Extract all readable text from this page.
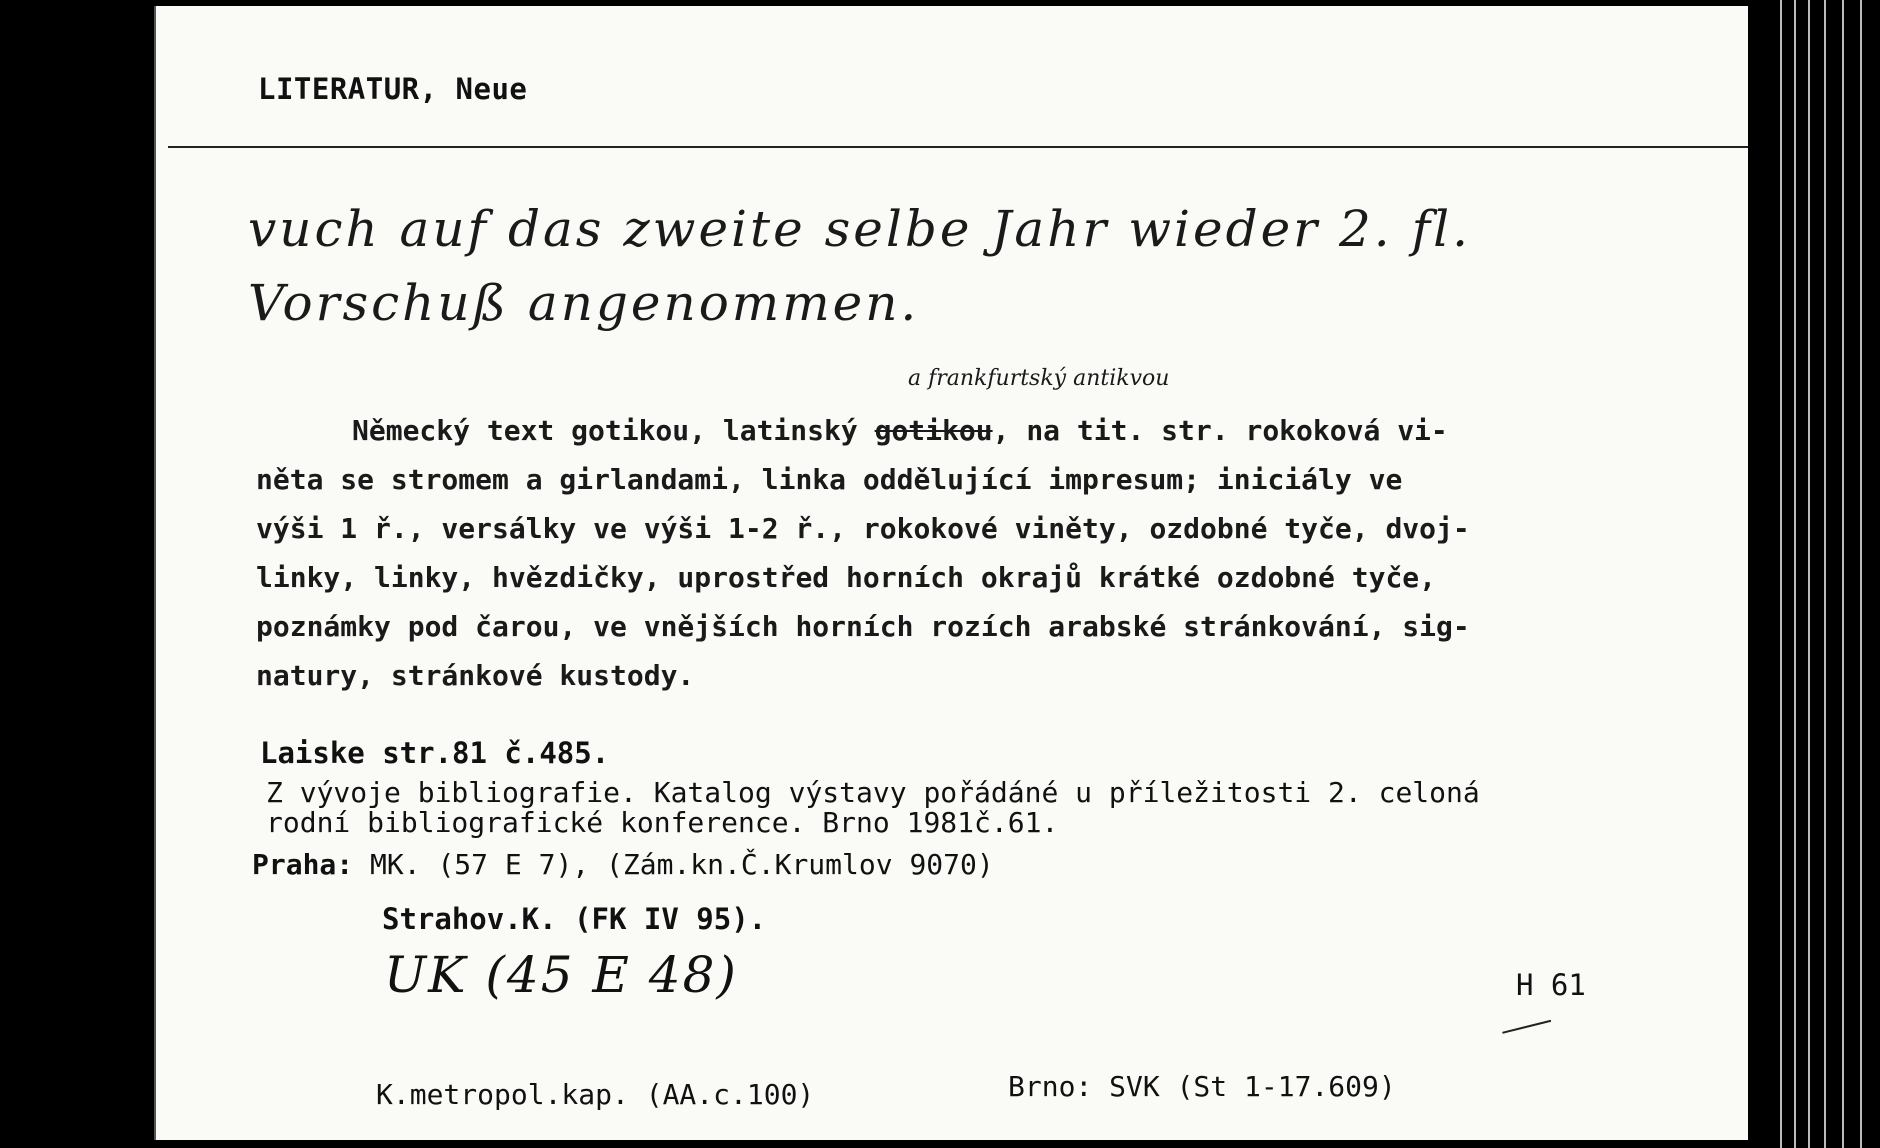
LITERATUR, Neue
vuch auf das zweite selbe Jahr wieder 2. fl.
Vorschuß angenommen.
a frankfurtský antikvou
Německý text gotikou, latinský gotikou, na tit. str. rokoková vi-
něta se stromem a girlandami, linka oddělující impresum; iniciály ve
výši 1 ř., versálky ve výši 1-2 ř., rokokové viněty, ozdobné tyče, dvoj-
linky, linky, hvězdičky, uprostřed horních okrajů krátké ozdobné tyče,
poznámky pod čarou, ve vnějších horních rozích arabské stránkování, sig-
natury, stránkové kustody.
Laiske str.81 č.485.
Z vývoje bibliografie. Katalog výstavy pořádáné u příležitosti 2. celoná
rodní bibliografické konference. Brno 1981č.61.
Praha: MK. (57 E 7), (Zám.kn.Č.Krumlov 9070)
Strahov.K. (FK IV 95).
UK (45 E 48)	H 61
K.metropol.kap. (AA.c.100)	Brno: SVK (St 1-17.609)
